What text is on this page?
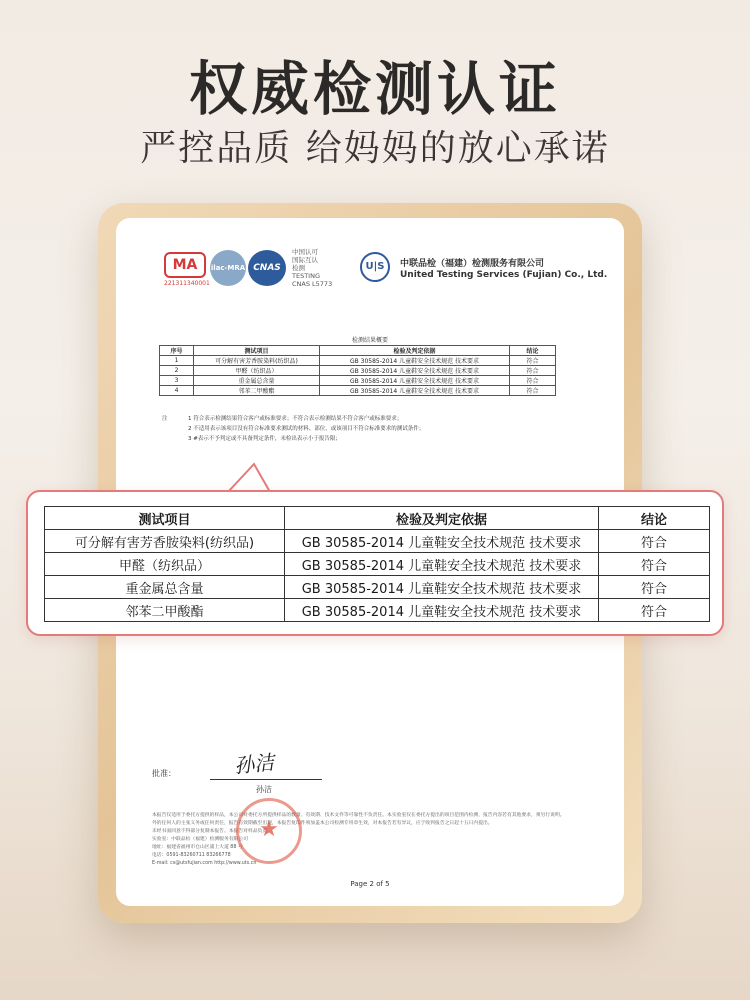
权威检测认证
严控品质 给妈妈的放心承诺
MA
221311340001
ilac-MRA CNAS
中国认可
国际互认
检测
TESTING
CNAS L5773
U|S	中联品检（福建）检测服务有限公司
United Testing Services (Fujian) Co., Ltd.
检测结果概要
序号	测试项目	检验及判定依据	结论
1	可分解有害芳香胺染料(纺织品)	GB 30585-2014 儿童鞋安全技术规范 技术要求	符合
2	甲醛（纺织品）	GB 30585-2014 儿童鞋安全技术规范 技术要求	符合
3	重金属总含量	GB 30585-2014 儿童鞋安全技术规范 技术要求	符合
4	邻苯二甲酸酯	GB 30585-2014 儿童鞋安全技术规范 技术要求	符合
注	1 符合表示检测结果符合客户或标准要求；不符合表示检测结果不符合客户或标准要求；
2 不适用表示该项目没有符合标准要求测试的材料、部位，或该项目不符合标准要求的测试条件；
3 #表示不予判定或不具备判定条件，未检出表示小于报告限；
批准：	孙洁
孙洁
本报告仅适用于委托方提供的样品，本公司对委托方所提供样品的数量、有效期、技术文件等可靠性不负责任。本实验室仅在委托方提出的项目范围内检测，报告内容若有其他要求，须另行说明。
外的任何人的主张义务或任何责任，报告有效期截至出现，本报告复印件须加盖本公司检测专用章生效，对本报告若有异议，应于收到报告之日起十五日内提出。
未经书面同意不得部分复制本报告。本报告对样品负责。
实验室：中联品检（福建）检测服务有限公司
地址：福建省福州市仓山区浦上大道 88 号
电话：0591-83260711 83266778
E-mail: cs@utsfujian.com http://www.uts.cn
★
Page 2 of 5
测试项目	检验及判定依据	结论
可分解有害芳香胺染料(纺织品)	GB 30585-2014 儿童鞋安全技术规范 技术要求	符合
甲醛（纺织品）	GB 30585-2014 儿童鞋安全技术规范 技术要求	符合
重金属总含量	GB 30585-2014 儿童鞋安全技术规范 技术要求	符合
邻苯二甲酸酯	GB 30585-2014 儿童鞋安全技术规范 技术要求	符合
